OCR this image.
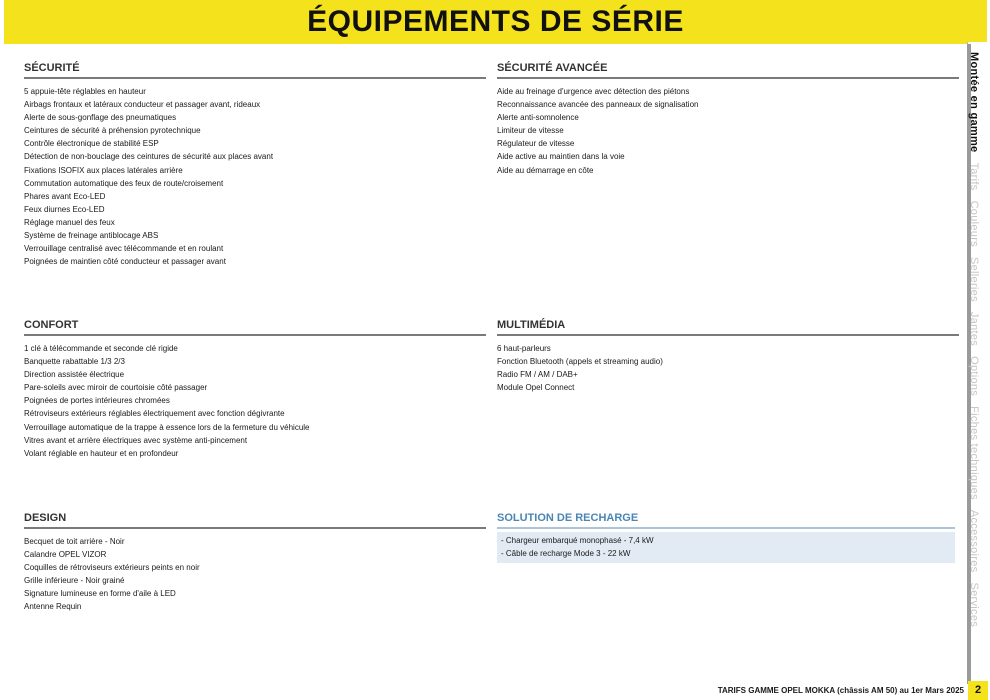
ÉQUIPEMENTS DE SÉRIE
SÉCURITÉ
5 appuie-tête réglables en hauteur
Airbags frontaux et latéraux conducteur et passager avant, rideaux
Alerte de sous-gonflage des pneumatiques
Ceintures de sécurité à préhension pyrotechnique
Contrôle électronique de stabilité ESP
Détection de non-bouclage des ceintures de sécurité aux places avant
Fixations ISOFIX aux places latérales arrière
Commutation automatique des feux de route/croisement
Phares avant Eco-LED
Feux diurnes Eco-LED
Réglage manuel des feux
Système de freinage antiblocage ABS
Verrouillage centralisé avec télécommande et en roulant
Poignées de maintien côté conducteur et passager avant
SÉCURITÉ AVANCÉE
Aide au freinage d'urgence avec détection des piétons
Reconnaissance avancée des panneaux de signalisation
Alerte anti-somnolence
Limiteur de vitesse
Régulateur de vitesse
Aide active au maintien dans la voie
Aide au démarrage en côte
CONFORT
1 clé à télécommande et seconde clé rigide
Banquette rabattable 1/3 2/3
Direction assistée électrique
Pare-soleils avec miroir de courtoisie côté passager
Poignées de portes intérieures chromées
Rétroviseurs extérieurs réglables électriquement avec fonction dégivrante
Verrouillage automatique de la trappe à essence lors de la fermeture du véhicule
Vitres avant et arrière électriques avec système anti-pincement
Volant réglable en hauteur et en profondeur
MULTIMÉDIA
6 haut-parleurs
Fonction Bluetooth (appels et streaming audio)
Radio FM / AM / DAB+
Module Opel Connect
DESIGN
Becquet de toit arrière - Noir
Calandre OPEL VIZOR
Coquilles de rétroviseurs extérieurs peints en noir
Grille inférieure - Noir grainé
Signature lumineuse en forme d'aile à LED
Antenne Requin
SOLUTION DE RECHARGE
- Chargeur embarqué monophasé - 7,4 kW
- Câble de recharge Mode 3 - 22 kW
Montée en gammeTarifsCouleursSelleriesJantesOptionsFiches techniquesAccessoiresServices
TARIFS GAMME OPEL MOKKA (châssis AM 50) au 1er Mars 2025 2
